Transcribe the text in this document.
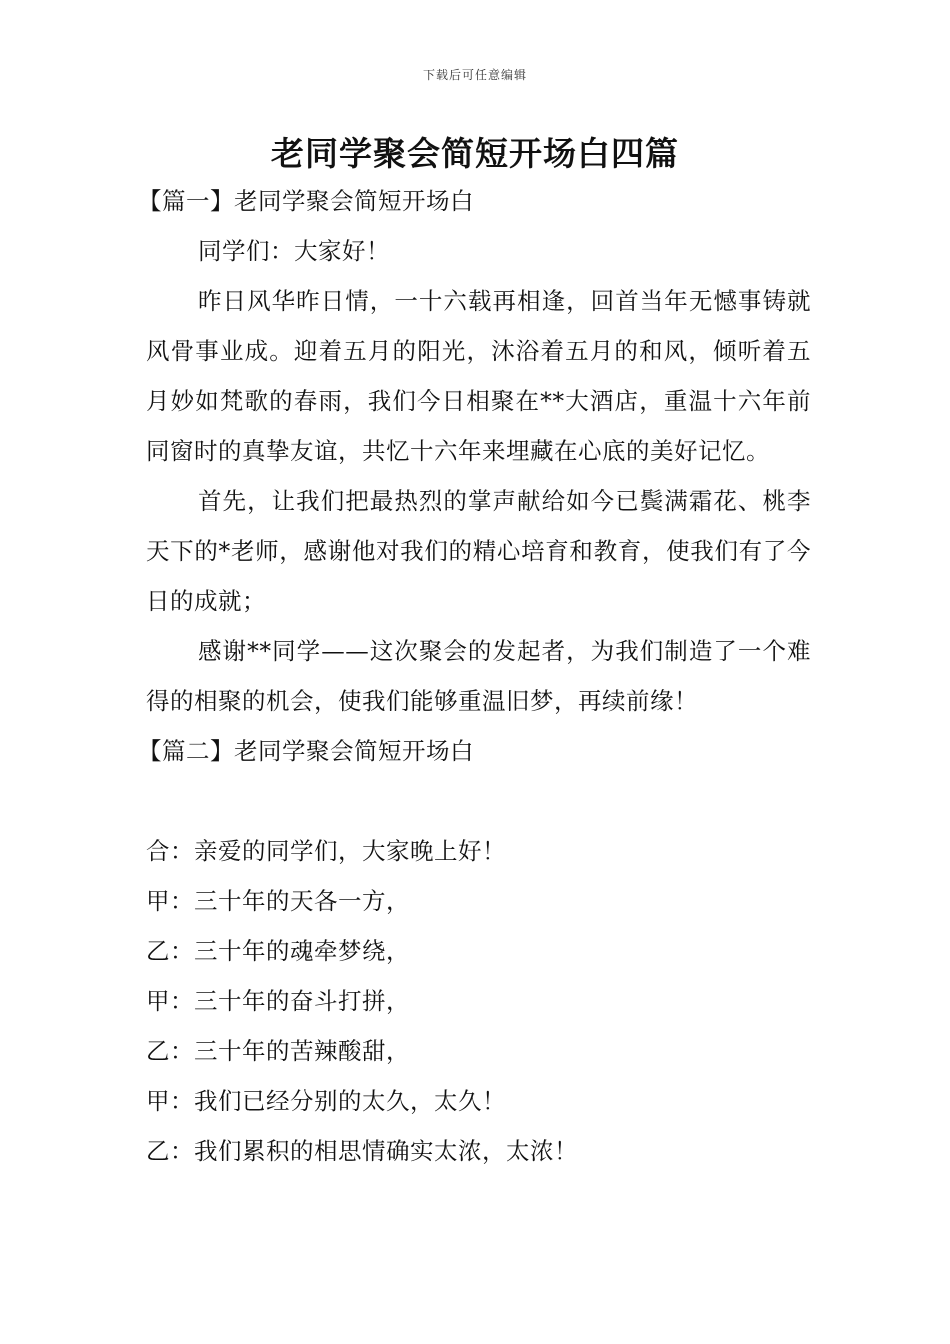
下载后可任意编辑
老同学聚会简短开场白四篇

【篇一】老同学聚会简短开场白

同学们：大家好！

昨日风华昨日情，一十六载再相逢，回首当年无憾事铸就风骨事业成。迎着五月的阳光，沐浴着五月的和风，倾听着五月妙如梵歌的春雨，我们今日相聚在**大酒店，重温十六年前同窗时的真挚友谊，共忆十六年来埋藏在心底的美好记忆。

首先，让我们把最热烈的掌声献给如今已鬓满霜花、桃李天下的*老师，感谢他对我们的精心培育和教育，使我们有了今日的成就；

感谢**同学——这次聚会的发起者，为我们制造了一个难得的相聚的机会，使我们能够重温旧梦，再续前缘！

【篇二】老同学聚会简短开场白

合：亲爱的同学们，大家晚上好！

甲：三十年的天各一方，

乙：三十年的魂牵梦绕，

甲：三十年的奋斗打拼，

乙：三十年的苦辣酸甜，

甲：我们已经分别的太久，太久！

乙：我们累积的相思情确实太浓，太浓！
